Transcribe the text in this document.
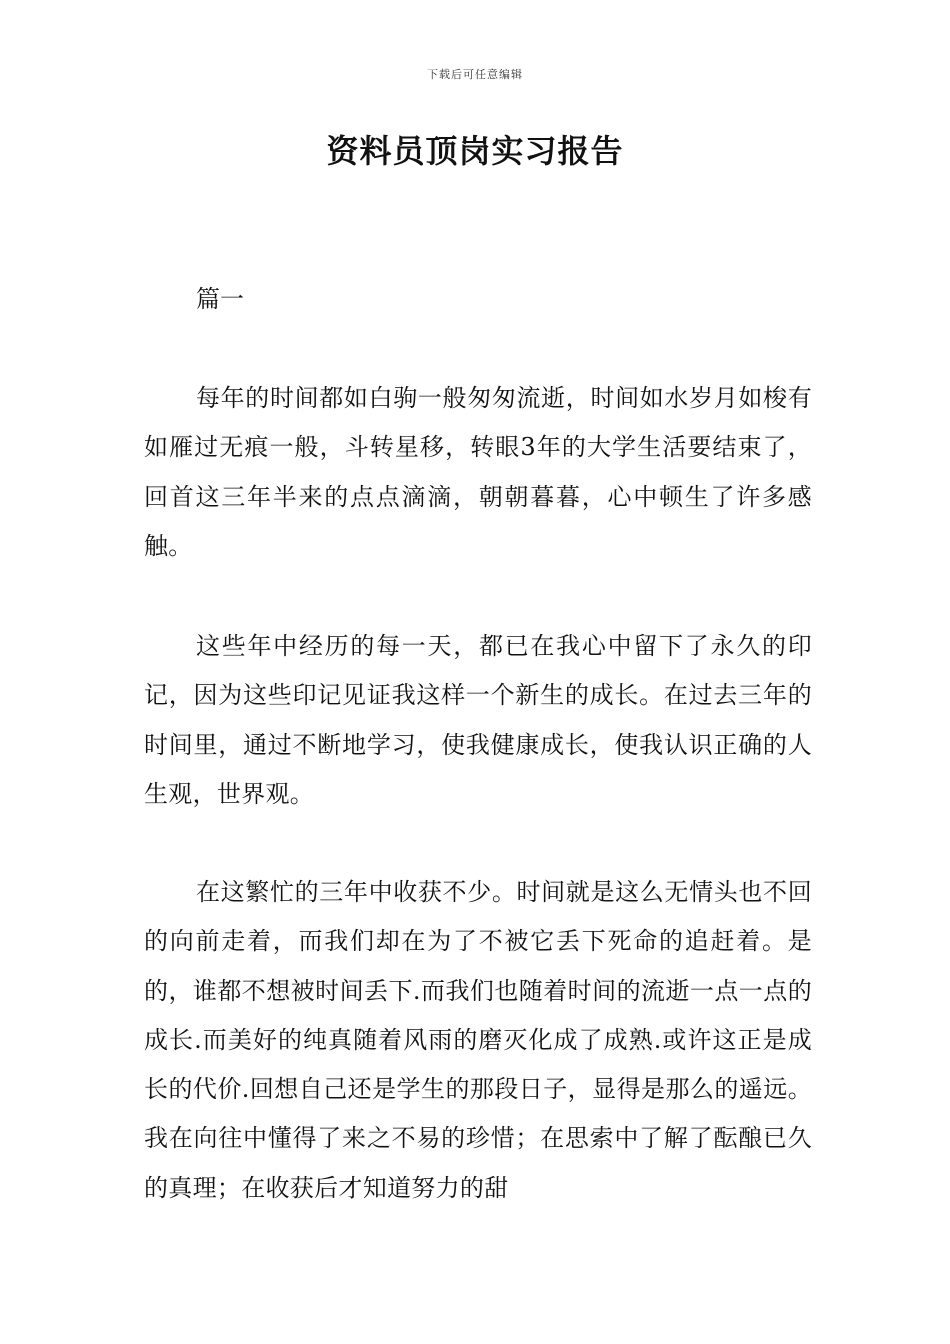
下载后可任意编辑
资料员顶岗实习报告
篇一

每年的时间都如白驹一般匆匆流逝，时间如水岁月如梭有如雁过无痕一般，斗转星移，转眼3年的大学生活要结束了，回首这三年半来的点点滴滴，朝朝暮暮，心中顿生了许多感触。

这些年中经历的每一天，都已在我心中留下了永久的印记，因为这些印记见证我这样一个新生的成长。在过去三年的时间里，通过不断地学习，使我健康成长，使我认识正确的人生观，世界观。

在这繁忙的三年中收获不少。时间就是这么无情头也不回的向前走着，而我们却在为了不被它丢下死命的追赶着。是的，谁都不想被时间丢下.而我们也随着时间的流逝一点一点的成长.而美好的纯真随着风雨的磨灭化成了成熟.或许这正是成长的代价.回想自己还是学生的那段日子，显得是那么的遥远。我在向往中懂得了来之不易的珍惜；在思索中了解了酝酿已久的真理；在收获后才知道努力的甜
